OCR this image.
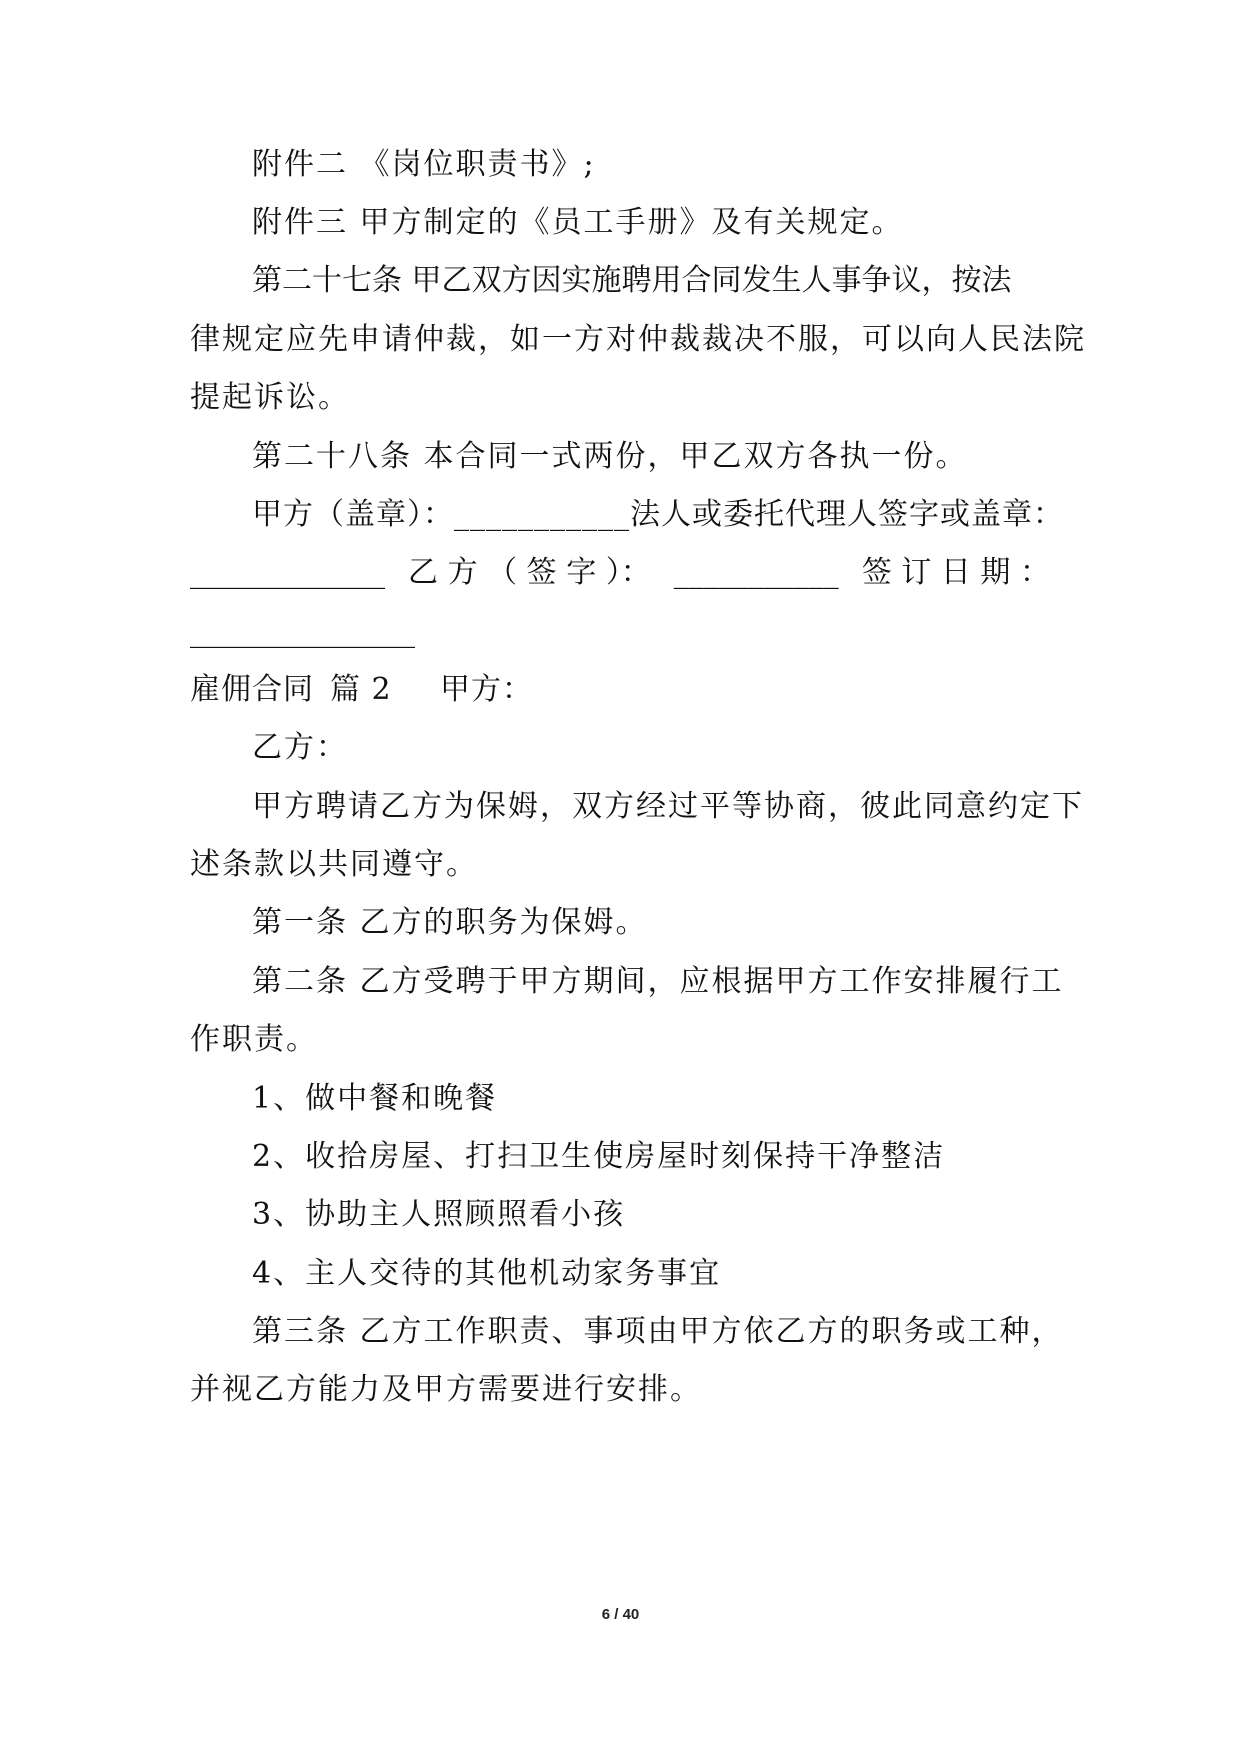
附件二 《岗位职责书》;
附件三 甲方制定的《员工手册》及有关规定。
第二十七条 甲乙双方因实施聘用合同发生人事争议，按法
律规定应先申请仲裁，如一方对仲裁裁决不服，可以向人民法院
提起诉讼。
第二十八条 本合同一式两份，甲乙双方各执一份。
甲方（盖章）：___________法人或委托代理人签字或盖章：
_____________ 乙 方 （ 签 字 ）： ___________ 签 订 日 期 ：
_______________
雇佣合同 篇 2	甲方：
乙方：
甲方聘请乙方为保姆，双方经过平等协商，彼此同意约定下
述条款以共同遵守。
第一条 乙方的职务为保姆。
第二条 乙方受聘于甲方期间，应根据甲方工作安排履行工
作职责。
1、做中餐和晚餐
2、收拾房屋、打扫卫生使房屋时刻保持干净整洁
3、协助主人照顾照看小孩
4、主人交待的其他机动家务事宜
第三条 乙方工作职责、事项由甲方依乙方的职务或工种，
并视乙方能力及甲方需要进行安排。
6 / 40
